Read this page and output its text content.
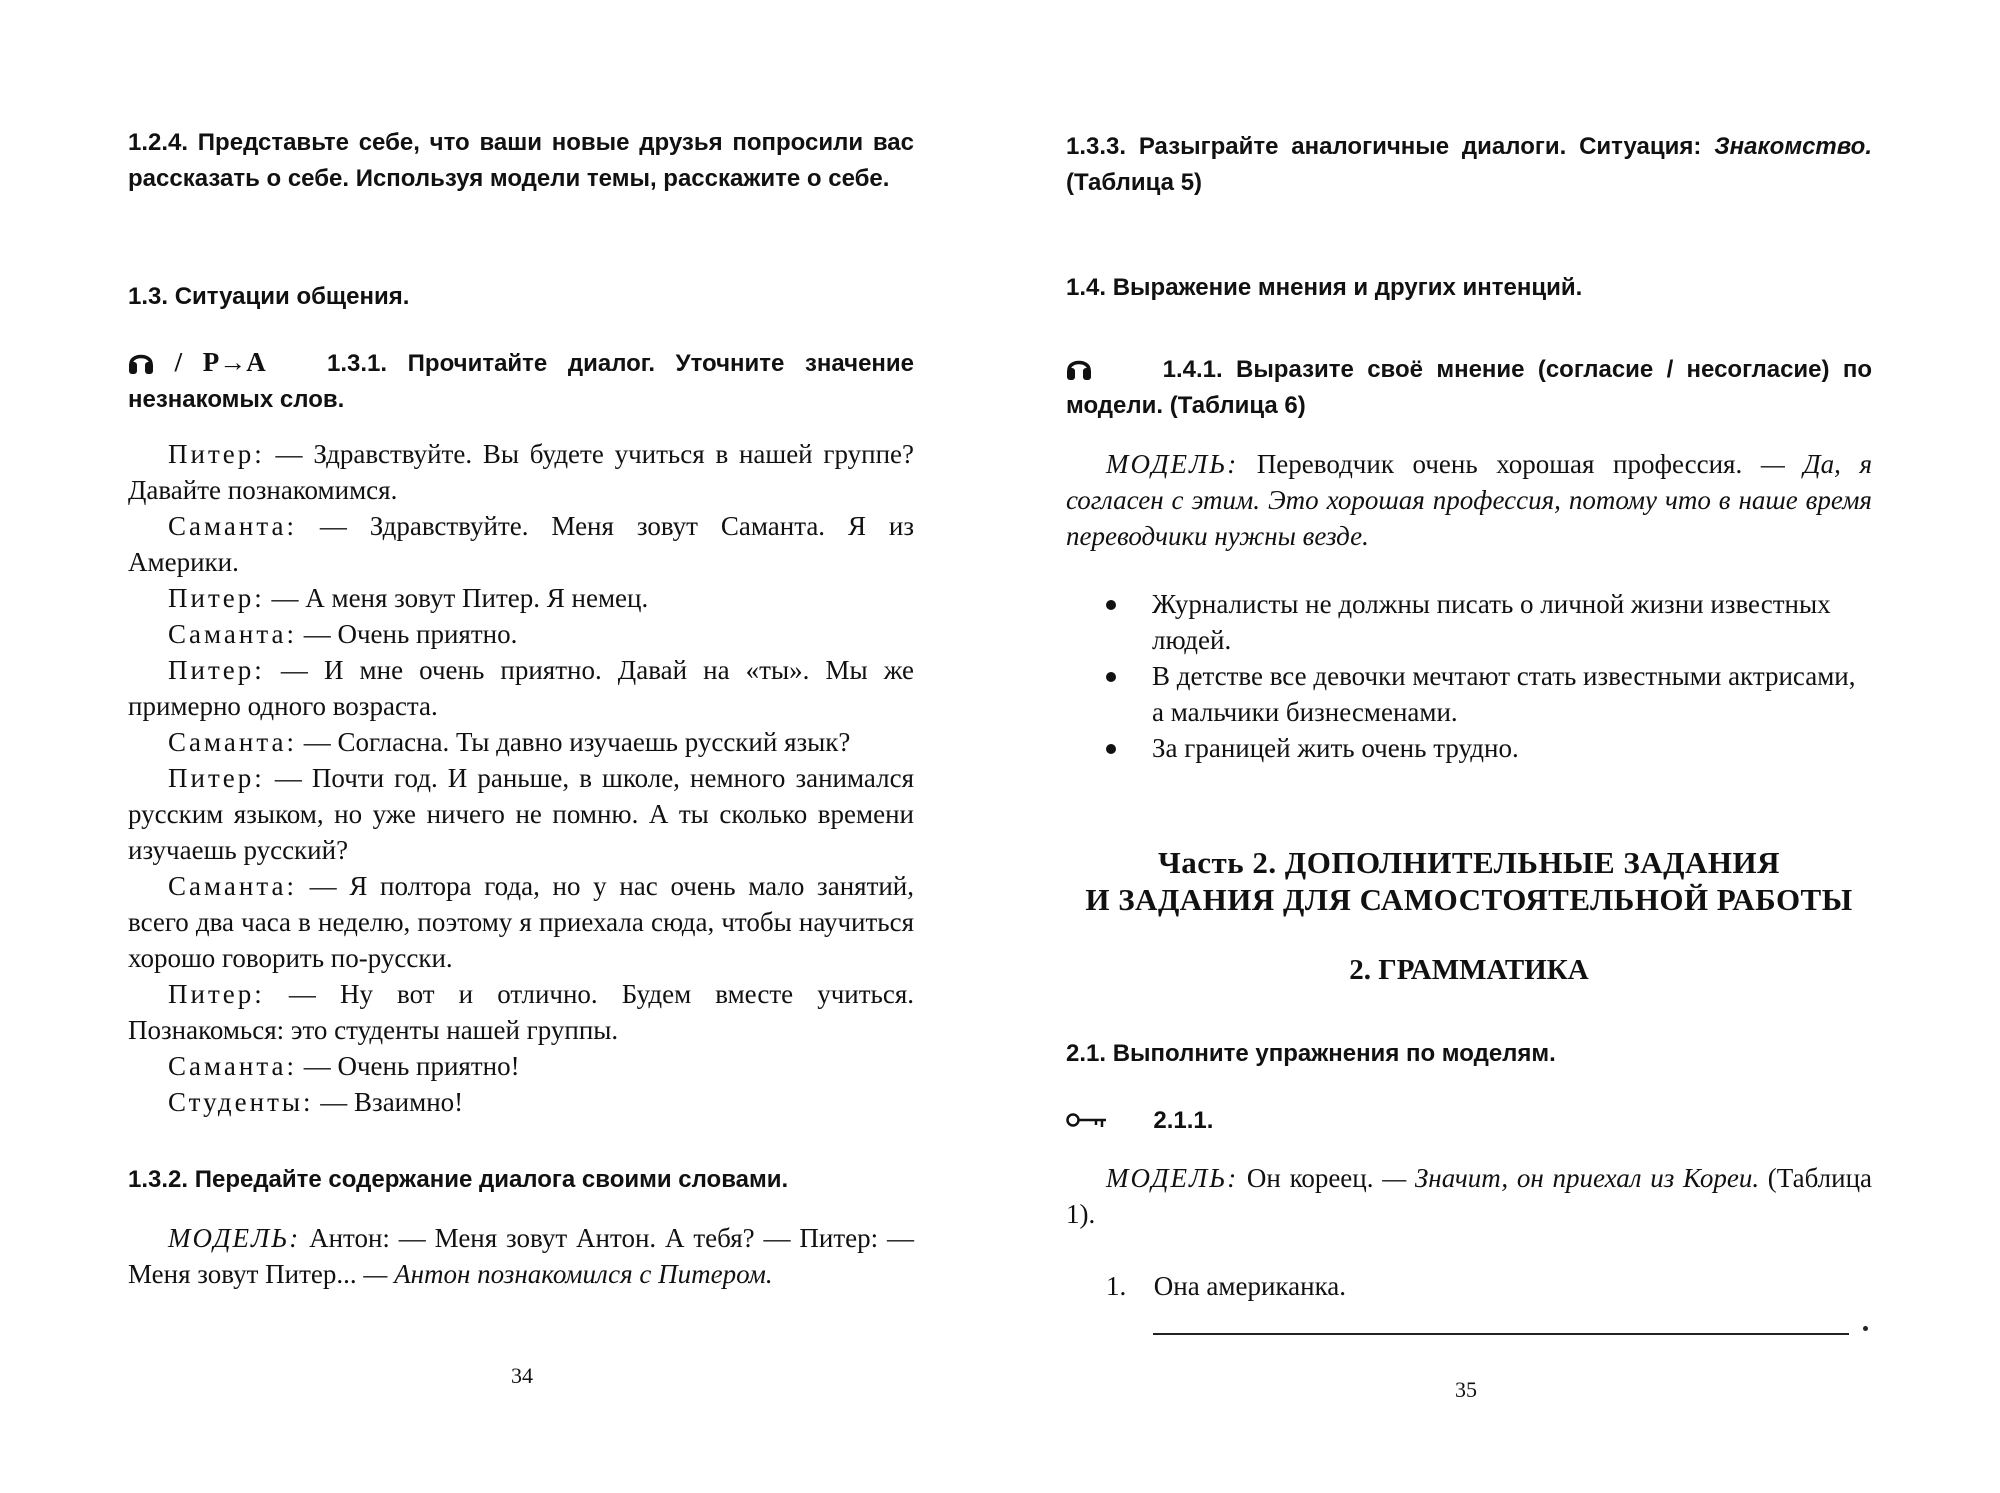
1.2.4. Представьте себе, что ваши новые друзья попросили вас рассказать о себе. Используя модели темы, расскажите о себе.

1.3. Ситуации общения.

/ Р→А	1.3.1. Прочитайте диалог. Уточните значение незнакомых слов.
Питер: — Здравствуйте. Вы будете учиться в нашей группе? Давайте познакомимся.
Саманта: — Здравствуйте. Меня зовут Саманта. Я из Америки.
Питер: — А меня зовут Питер. Я немец.
Саманта: — Очень приятно.
Питер: — И мне очень приятно. Давай на «ты». Мы же примерно одного возраста.
Саманта: — Согласна. Ты давно изучаешь русский язык?
Питер: — Почти год. И раньше, в школе, немного занимался русским языком, но уже ничего не помню. А ты сколько времени изучаешь русский?
Саманта: — Я полтора года, но у нас очень мало занятий, всего два часа в неделю, поэтому я приехала сюда, чтобы научиться хорошо говорить по-русски.
Питер: — Ну вот и отлично. Будем вместе учиться. Познакомься: это студенты нашей группы.
Саманта: — Очень приятно!
Студенты: — Взаимно!

1.3.2. Передайте содержание диалога своими словами.

МОДЕЛЬ: Антон: — Меня зовут Антон. А тебя? — Питер: — Меня зовут Питер... — Антон познакомился с Питером.

34

1.3.3. Разыграйте аналогичные диалоги. Ситуация: Знакомство. (Таблица 5)

1.4. Выражение мнения и других интенций.

1.4.1. Выразите своё мнение (согласие / несогласие) по модели. (Таблица 6)

МОДЕЛЬ: Переводчик очень хорошая профессия. — Да, я согласен с этим. Это хорошая профессия, потому что в наше время переводчики нужны везде.

Журналисты не должны писать о личной жизни известных людей.
В детстве все девочки мечтают стать известными актрисами, а мальчики бизнесменами.
За границей жить очень трудно.
Часть 2. ДОПОЛНИТЕЛЬНЫЕ ЗАДАНИЯ
И ЗАДАНИЯ ДЛЯ САМОСТОЯТЕЛЬНОЙ РАБОТЫ
2. ГРАММАТИКА

2.1. Выполните упражнения по моделям.

2.1.1.

МОДЕЛЬ: Он кореец. — Значит, он приехал из Кореи. (Таблица 1).

1. Она американка.
35
